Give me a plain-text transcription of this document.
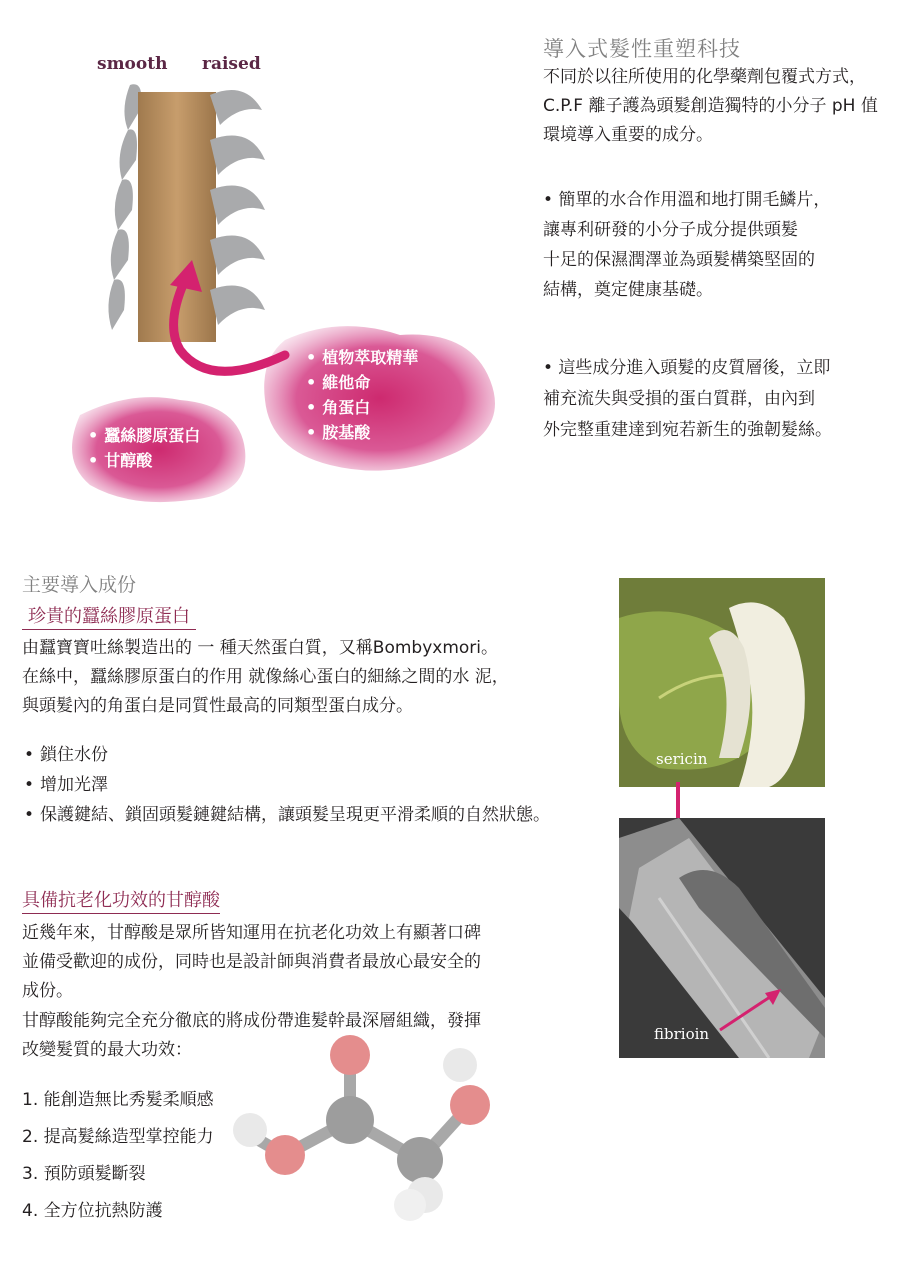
smooth raised
• 蠶絲膠原蛋白
• 甘醇酸
• 植物萃取精華
• 維他命
• 角蛋白
• 胺基酸
導入式髮性重塑科技
不同於以往所使用的化學藥劑包覆式方式，C.P.F 離子護為頭髮創造獨特的小分子 pH 值環境導入重要的成分。
• 簡單的水合作用溫和地打開毛鱗片，
讓專利研發的小分子成分提供頭髮
十足的保濕潤澤並為頭髮構築堅固的
結構，奠定健康基礎。
• 這些成分進入頭髮的皮質層後，立即
補充流失與受損的蛋白質群，由內到
外完整重建達到宛若新生的強韌髮絲。
主要導入成份
珍貴的蠶絲膠原蛋白
由蠶寶寶吐絲製造出的 一 種天然蛋白質，又稱Bombyxmori。
在絲中，蠶絲膠原蛋白的作用 就像絲心蛋白的細絲之間的水 泥，
與頭髮內的角蛋白是同質性最高的同類型蛋白成分。
• 鎖住水份
• 增加光澤
• 保護鍵結、鎖固頭髮鏈鍵結構，讓頭髮呈現更平滑柔順的自然狀態。
具備抗老化功效的甘醇酸
近幾年來，甘醇酸是眾所皆知運用在抗老化功效上有顯著口碑
並備受歡迎的成份，同時也是設計師與消費者最放心最安全的
成份。
甘醇酸能夠完全充分徹底的將成份帶進髮幹最深層組織，發揮
改變髮質的最大功效：
1. 能創造無比秀髮柔順感
2. 提高髮絲造型掌控能力
3. 預防頭髮斷裂
4. 全方位抗熱防護
sericin
fibrioin
